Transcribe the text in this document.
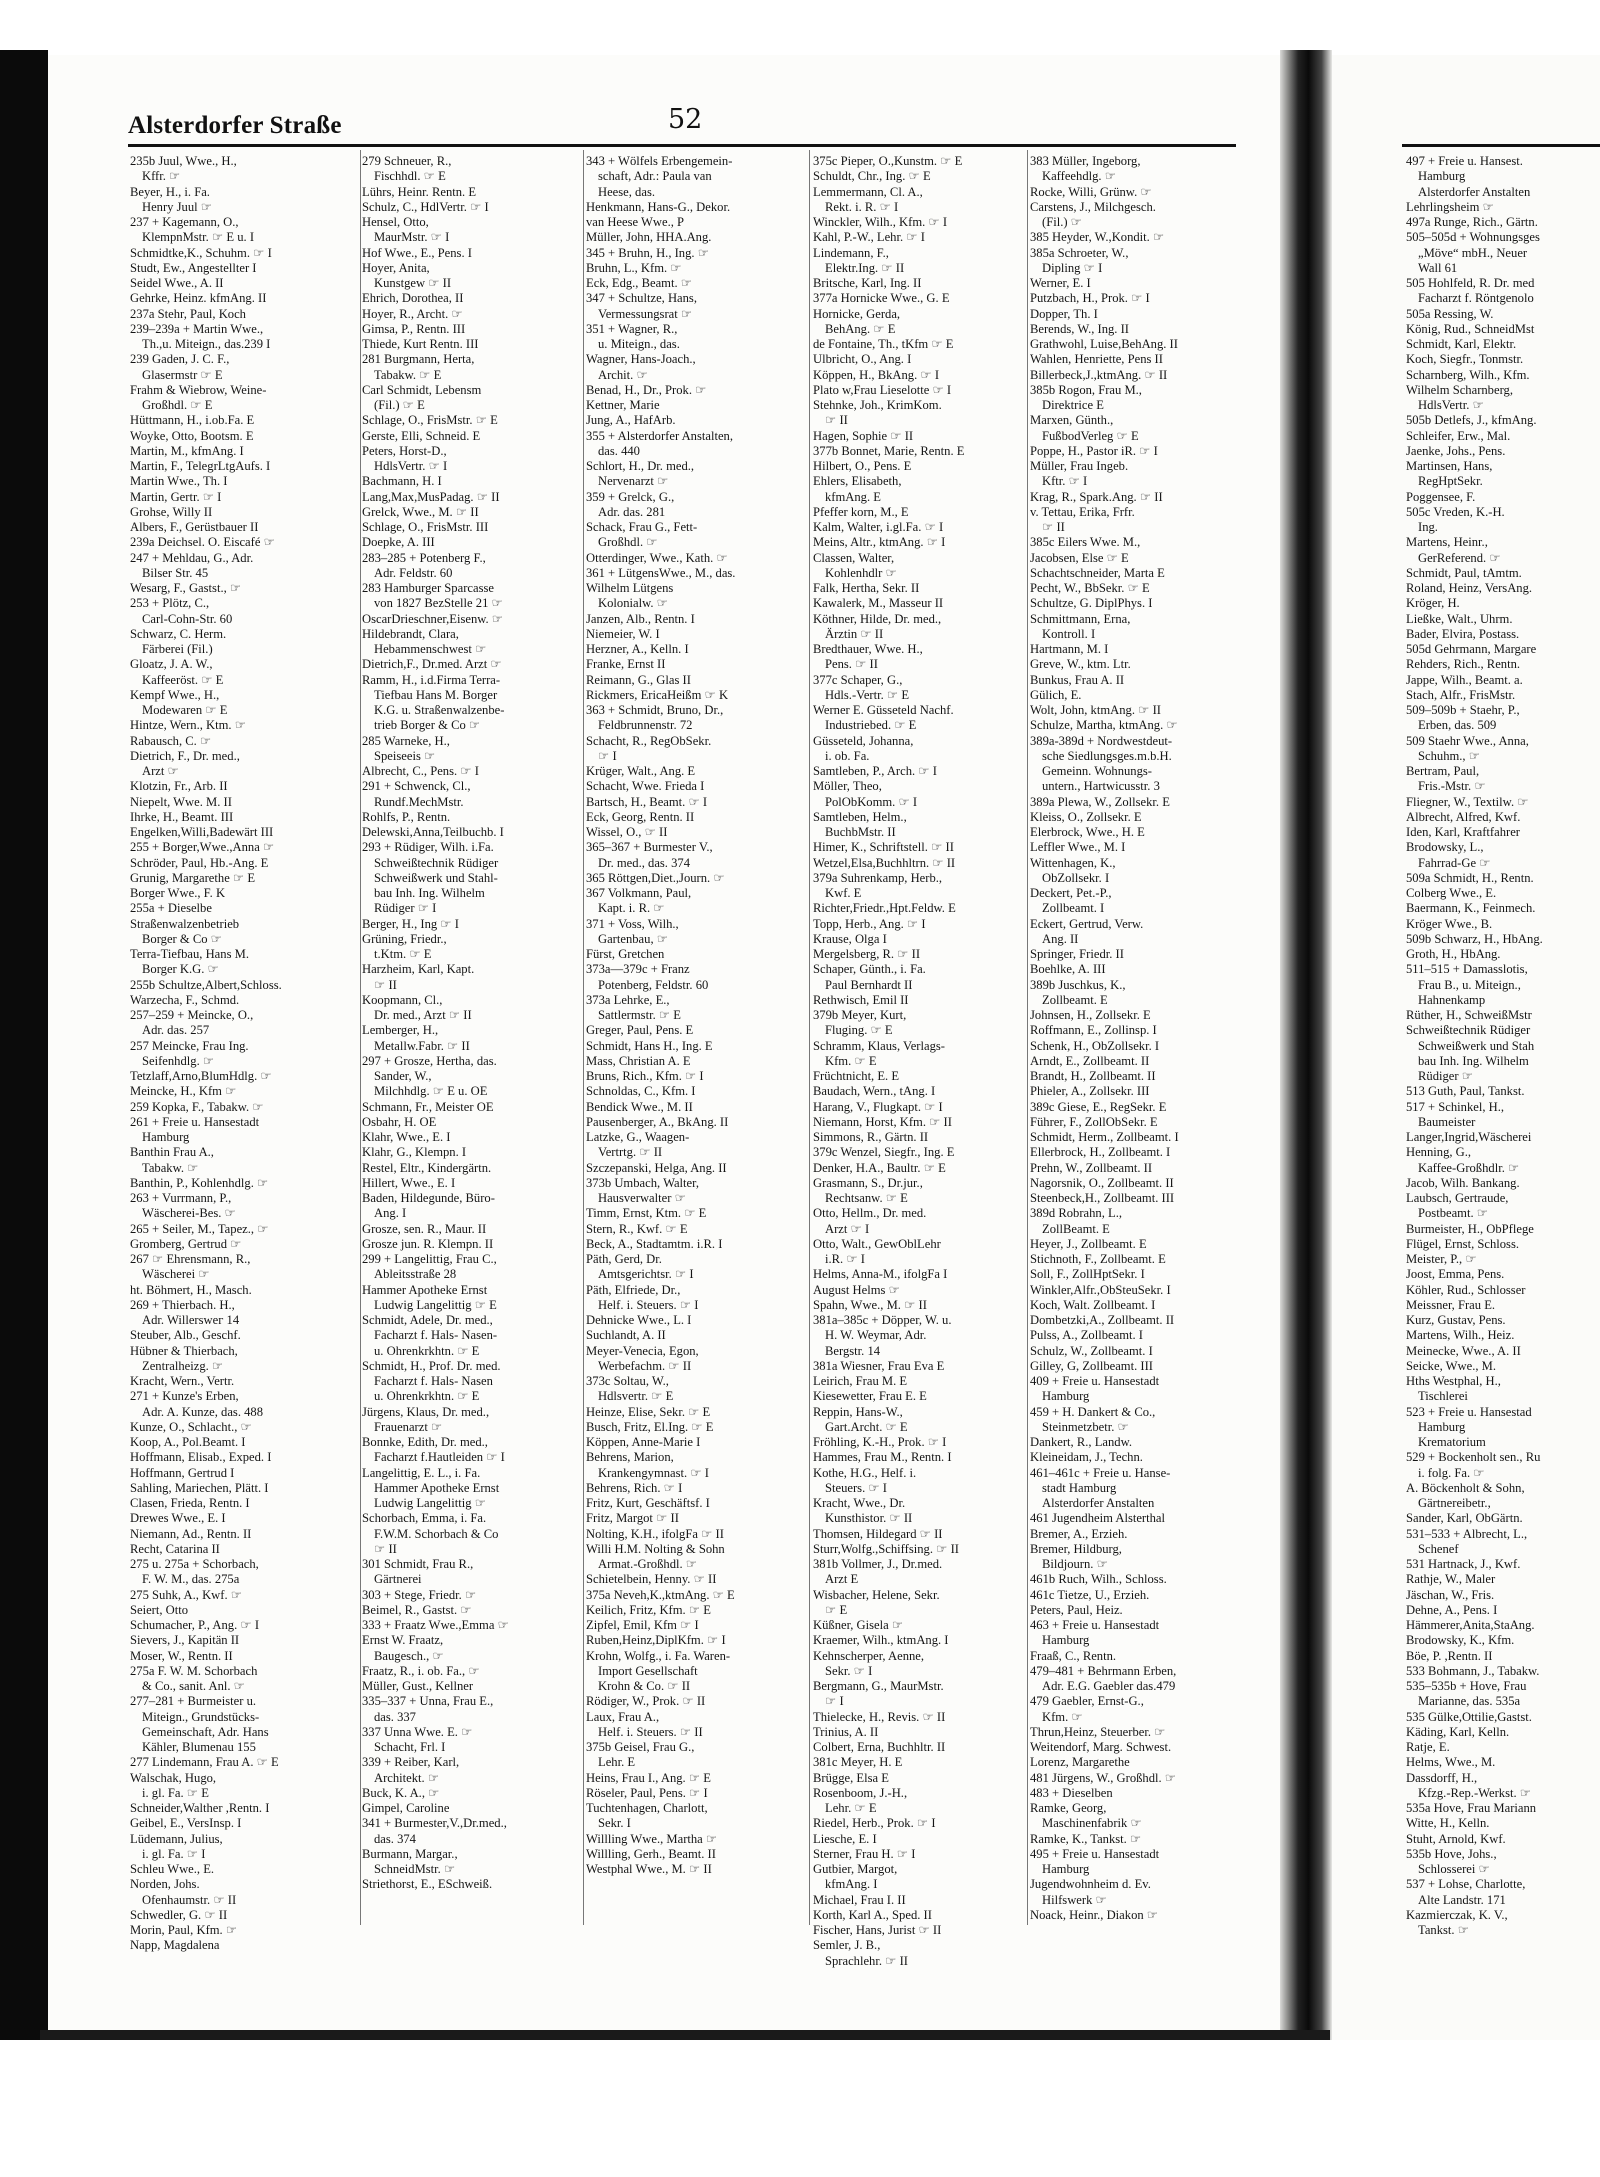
Alsterdorfer Straße	52
235b Juul, Wwe., H.,
Kffr. ☞
Beyer, H., i. Fa.
Henry Juul ☞
237 + Kagemann, O.,
KlempnMstr. ☞ E u. I
Schmidtke,K., Schuhm. ☞ I
Studt, Ew., Angestellter I
Seidel Wwe., A. II
Gehrke, Heinz. kfmAng. II
237a Stehr, Paul, Koch
239–239a + Martin Wwe.,
Th.,u. Miteign., das.239 I
239 Gaden, J. C. F.,
Glasermstr ☞ E
Frahm & Wiebrow, Weine-
Großhdl. ☞ E
Hüttmann, H., i.ob.Fa. E
Woyke, Otto, Bootsm. E
Martin, M., kfmAng. I
Martin, F., TelegrLtgAufs. I
Martin Wwe., Th. I
Martin, Gertr. ☞ I
Grohse, Willy II
Albers, F., Gerüstbauer II
239a Deichsel. O. Eiscafé ☞
247 + Mehldau, G., Adr.
Bilser Str. 45
Wesarg, F., Gastst., ☞
253 + Plötz, C.,
Carl-Cohn-Str. 60
Schwarz, C. Herm.
Färberei (Fil.)
Gloatz, J. A. W.,
Kaffeeröst. ☞ E
Kempf Wwe., H.,
Modewaren ☞ E
Hintze, Wern., Ktm. ☞
Rabausch, C. ☞
Dietrich, F., Dr. med.,
Arzt ☞
Klotzin, Fr., Arb. II
Niepelt, Wwe. M. II
Ihrke, H., Beamt. III
Engelken,Willi,Badewärt III
255 + Borger,Wwe.,Anna ☞
Schröder, Paul, Hb.-Ang. E
Grunig, Margarethe ☞ E
Borger Wwe., F. K
255a + Dieselbe
Straßenwalzenbetrieb
Borger & Co ☞
Terra-Tiefbau, Hans M.
Borger K.G. ☞
255b Schultze,Albert,Schloss.
Warzecha, F., Schmd.
257–259 + Meincke, O.,
Adr. das. 257
257 Meincke, Frau Ing.
Seifenhdlg. ☞
Tetzlaff,Arno,BlumHdlg. ☞
Meincke, H., Kfm ☞
259 Kopka, F., Tabakw. ☞
261 + Freie u. Hansestadt
Hamburg
Banthin Frau A.,
Tabakw. ☞
Banthin, P., Kohlenhdlg. ☞
263 + Vurrmann, P.,
Wäscherei-Bes. ☞
265 + Seiler, M., Tapez., ☞
Gromberg, Gertrud ☞
267 ☞ Ehrensmann, R.,
Wäscherei ☞
ht. Böhmert, H., Masch.
269 + Thierbach. H.,
Adr. Willerswег 14
Steuber, Alb., Geschf.
Hübner & Thierbach,
Zentralheizg. ☞
Kracht, Wern., Vertr.
271 + Kunze's Erben,
Adr. A. Kunze, das. 488
Kunze, O., Schlacht., ☞
Koop, A., Pol.Beamt. I
Hoffmann, Elisab., Exped. I
Hoffmann, Gertrud I
Sahling, Mariechen, Plätt. I
Clasen, Frieda, Rentn. I
Drewes Wwe., E. I
Niemann, Ad., Rentn. II
Recht, Catarina II
275 u. 275a + Schorbach,
F. W. M., das. 275a
275 Suhk, A., Kwf. ☞
Seiert, Otto
Schumacher, P., Ang. ☞ I
Sievers, J., Kapitän II
Moser, W., Rentn. II
275a F. W. M. Schorbach
& Co., sanit. Anl. ☞
277–281 + Burmeister u.
Miteign., Grundstücks-
Gemeinschaft, Adr. Hans
Kähler, Blumenau 155
277 Lindemann, Frau A. ☞ E
Walschak, Hugo,
i. gl. Fa. ☞ E
Schneider,Walther ,Rentn. I
Geibel, E., VersInsp. I
Lüdemann, Julius,
i. gl. Fa. ☞ I
Schleu Wwe., E.
Norden, Johs.
Ofenhaumstr. ☞ II
Schwedler, G. ☞ II
Morin, Paul, Kfm. ☞
Napp, Magdalena
279 Schneuer, R.,
Fischhdl. ☞ E
Lührs, Heinr. Rentn. E
Schulz, C., HdlVertr. ☞ I
Hensel, Otto,
MaurMstr. ☞ I
Hof Wwe., E., Pens. I
Hoyer, Anita,
Kunstgew ☞ II
Ehrich, Dorothea, II
Hoyer, R., Archt. ☞
Gimsa, P., Rentn. III
Thiede, Kurt Rentn. III
281 Burgmann, Herta,
Tabakw. ☞ E
Carl Schmidt, Lebensm
(Fil.) ☞ E
Schlage, O., FrisMstr. ☞ E
Gerste, Elli, Schneid. E
Peters, Horst-D.,
HdlsVertr. ☞ I
Bachmann, H. I
Lang,Max,MusPadag. ☞ II
Grelck, Wwe., M. ☞ II
Schlage, O., FrisMstr. III
Doepke, A. III
283–285 + Potenberg F.,
Adr. Feldstr. 60
283 Hamburger Sparcasse
von 1827 BezStelle 21 ☞
OscarDrieschner,Eisenw. ☞
Hildebrandt, Clara,
Hebammenschwest ☞
Dietrich,F., Dr.med. Arzt ☞
Ramm, H., i.d.Firma Terra-
Tiefbau Hans M. Borger
K.G. u. Straßenwalzenbe-
trieb Borger & Co ☞
285 Warneke, H.,
Speiseeis ☞
Albrecht, C., Pens. ☞ I
291 + Schwenck, Cl.,
Rundf.MechMstr.
Rohlfs, P., Rentn.
Delewski,Anna,Teilbuchb. I
293 + Rüdiger, Wilh. i.Fa.
Schweißtechnik Rüdiger
Schweißwerk und Stahl-
bau Inh. Ing. Wilhelm
Rüdiger ☞ I
Berger, H., Ing ☞ I
Grüning, Friedr.,
t.Ktm. ☞ E
Harzheim, Karl, Kapt.
☞ II
Koopmann, Cl.,
Dr. med., Arzt ☞ II
Lemberger, H.,
Metallw.Fabr. ☞ II
297 + Grosze, Hertha, das.
Sander, W.,
Milchhdlg. ☞ E u. OE
Schmann, Fr., Meister OE
Osbahr, H. OE
Klahr, Wwe., E. I
Klahr, G., Klempn. I
Restel, Eltr., Kindergärtn.
Hillert, Wwe., E. I
Baden, Hildegunde, Büro-
Ang. I
Grosze, sen. R., Maur. II
Grosze jun. R. Klempn. II
299 + Langelittig, Frau C.,
Ableitsstraße 28
Hammer Apotheke Ernst
Ludwig Langelittig ☞ E
Schmidt, Adele, Dr. med.,
Facharzt f. Hals- Nasen-
u. Ohrenkrkhtn. ☞ E
Schmidt, H., Prof. Dr. med.
Facharzt f. Hals- Nasen
u. Ohrenkrkhtn. ☞ E
Jürgens, Klaus, Dr. med.,
Frauenarzt ☞
Bonnke, Edith, Dr. med.,
Facharzt f.Hautleiden ☞ I
Langelittig, E. L., i. Fa.
Hammer Apotheke Ernst
Ludwig Langelittig ☞
Schorbach, Emma, i. Fa.
F.W.M. Schorbach & Co
☞ II
301 Schmidt, Frau R.,
Gärtnerei
303 + Stege, Friedr. ☞
Beimel, R., Gastst. ☞
333 + Fraatz Wwe.,Emma ☞
Ernst W. Fraatz,
Baugesch., ☞
Fraatz, R., i. ob. Fa., ☞
Müller, Gust., Kellner
335–337 + Unna, Frau E.,
das. 337
337 Unna Wwe. E. ☞
Schacht, Frl. I
339 + Reiber, Karl,
Architekt. ☞
Buck, K. A., ☞
Gimpel, Caroline
341 + Burmester,V.,Dr.med.,
das. 374
Burmann, Margar.,
SchneidMstr. ☞
Striethorst, E., ESchweiß.
343 + Wölfels Erbengemein-
schaft, Adr.: Paula van
Heese, das.
Henkmann, Hans-G., Dekor.
van Heese Wwe., P
Müller, John, HHA.Ang.
345 + Bruhn, H., Ing. ☞
Bruhn, L., Kfm. ☞
Eck, Edg., Beamt. ☞
347 + Schultze, Hans,
Vermessungsrat ☞
351 + Wagner, R.,
u. Miteign., das.
Wagner, Hans-Joach.,
Archit. ☞
Benad, H., Dr., Prok. ☞
Kettner, Marie
Jung, A., HafArb.
355 + Alsterdorfer Anstalten,
das. 440
Schlort, H., Dr. med.,
Nervenarzt ☞
359 + Grelck, G.,
Adr. das. 281
Schack, Frau G., Fett-
Großhdl. ☞
Otterdinger, Wwe., Kath. ☞
361 + LütgensWwe., M., das.
Wilhelm Lütgens
Kolonialw. ☞
Janzen, Alb., Rentn. I
Niemeier, W. I
Herzner, A., Kelln. I
Franke, Ernst II
Reimann, G., Glas II
Rickmers, EricaHeißm ☞ K
363 + Schmidt, Bruno, Dr.,
Feldbrunnenstr. 72
Schacht, R., RegObSekr.
☞ I
Krüger, Walt., Ang. E
Schacht, Wwe. Frieda I
Bartsch, H., Beamt. ☞ I
Eck, Georg, Rentn. II
Wissel, O., ☞ II
365–367 + Burmester V.,
Dr. med., das. 374
365 Röttgen,Diet.,Journ. ☞
367 Volkmann, Paul,
Kapt. i. R. ☞
371 + Voss, Wilh.,
Gartenbau, ☞
Fürst, Gretchen
373a—379c + Franz
Potenberg, Feldstr. 60
373a Lehrke, E.,
Sattlermstr. ☞ E
Greger, Paul, Pens. E
Schmidt, Hans H., Ing. E
Mass, Christian A. E
Bruns, Rich., Kfm. ☞ I
Schnoldas, C., Kfm. I
Bendick Wwe., M. II
Pausenberger, A., BkAng. II
Latzke, G., Waagen-
Vertrtg. ☞ II
Szczepanski, Helga, Ang. II
373b Umbach, Walter,
Hausverwalter ☞
Timm, Ernst, Ktm. ☞ E
Stern, R., Kwf. ☞ E
Beck, A., Stadtamtm. i.R. I
Päth, Gerd, Dr.
Amtsgerichtsr. ☞ I
Päth, Elfriede, Dr.,
Helf. i. Steuers. ☞ I
Dehnicke Wwe., L. I
Suchlandt, A. II
Meyer-Venecia, Egon,
Werbefachm. ☞ II
373c Soltau, W.,
Hdlsvertr. ☞ E
Heinze, Elise, Sekr. ☞ E
Busch, Fritz, El.Ing. ☞ E
Köppen, Anne-Marie I
Behrens, Marion,
Krankengymnast. ☞ I
Behrens, Rich. ☞ I
Fritz, Kurt, Geschäftsf. I
Fritz, Margot ☞ II
Nolting, K.H., ifolgFa ☞ II
Willi H.M. Nolting & Sohn
Armat.-Großhdl. ☞
Schietelbein, Henny. ☞ II
375a Neveh,K.,ktmAng. ☞ E
Keilich, Fritz, Kfm. ☞ E
Zipfel, Emil, Kfm ☞ I
Ruben,Heinz,DiplKfm. ☞ I
Krohn, Wolfg., i. Fa. Waren-
Import Gesellschaft
Krohn & Co. ☞ II
Rödiger, W., Prok. ☞ II
Laux, Frau A.,
Helf. i. Steuers. ☞ II
375b Geisel, Frau G.,
Lehr. E
Heins, Frau I., Ang. ☞ E
Röseler, Paul, Pens. ☞ I
Tuchtenhagen, Charlott,
Sekr. I
Willling Wwe., Martha ☞
Willling, Gerh., Beamt. II
Westphal Wwe., M. ☞ II
375c Pieper, O.,Kunstm. ☞ E
Schuldt, Chr., Ing. ☞ E
Lemmermann, Cl. A.,
Rekt. i. R. ☞ I
Winckler, Wilh., Kfm. ☞ I
Kahl, P.-W., Lehr. ☞ I
Lindemann, F.,
Elektr.Ing. ☞ II
Britsche, Karl, Ing. II
377a Hornicke Wwe., G. E
Hornicke, Gerda,
BehAng. ☞ E
de Fontaine, Th., tKfm ☞ E
Ulbricht, O., Ang. I
Köppen, H., BkAng. ☞ I
Plato w,Frau Lieselotte ☞ I
Stehnke, Joh., KrimKom.
☞ II
Hagen, Sophie ☞ II
377b Bonnet, Marie, Rentn. E
Hilbert, O., Pens. E
Ehlers, Elisabeth,
kfmAng. E
Pfeffer korn, M., E
Kalm, Walter, i.gl.Fa. ☞ I
Meins, Altr., ktmAng. ☞ I
Classen, Walter,
Kohlenhdlr ☞
Falk, Hertha, Sekr. II
Kawalerk, M., Masseur II
Köthner, Hilde, Dr. med.,
Ärztin ☞ II
Bredthauer, Wwe. H.,
Pens. ☞ II
377c Schaper, G.,
Hdls.-Vertr. ☞ E
Werner E. Güsseteld Nachf.
Industriebed. ☞ E
Güsseteld, Johanna,
i. ob. Fa.
Samtleben, P., Arch. ☞ I
Möller, Theo,
PolObKomm. ☞ I
Samtleben, Helm.,
BuchbMstr. II
Himer, K., Schriftstell. ☞ II
Wetzel,Elsa,Buchhltrn. ☞ II
379a Suhrenkamp, Herb.,
Kwf. E
Richter,Friedr.,Hpt.Feldw. E
Topp, Herb., Ang. ☞ I
Krause, Olga I
Mergelsberg, R. ☞ II
Schaper, Günth., i. Fa.
Paul Bernhardt II
Rethwisch, Emil II
379b Meyer, Kurt,
Fluging. ☞ E
Schramm, Klaus, Verlags-
Kfm. ☞ E
Früchtnicht, E. E
Baudach, Wern., tAng. I
Harang, V., Flugkapt. ☞ I
Niemann, Horst, Kfm. ☞ II
Simmons, R., Gärtn. II
379c Wenzel, Siegfr., Ing. E
Denker, H.A., Baultr. ☞ E
Grasmann, S., Dr.jur.,
Rechtsanw. ☞ E
Otto, Hellm., Dr. med.
Arzt ☞ I
Otto, Walt., GewOblLehr
i.R. ☞ I
Helms, Anna-M., ifolgFa I
August Helms ☞
Spahn, Wwe., M. ☞ II
381a–385c + Döpper, W. u.
H. W. Weymar, Adr.
Bergstr. 14
381a Wiesner, Frau Eva E
Leirich, Frau M. E
Kiesewetter, Frau E. E
Reppin, Hans-W.,
Gart.Archt. ☞ E
Fröhling, K.-H., Prok. ☞ I
Hammes, Frau M., Rentn. I
Kothe, H.G., Helf. i.
Steuers. ☞ I
Kracht, Wwe., Dr.
Kunsthistor. ☞ II
Thomsen, Hildegard ☞ II
Sturr,Wolfg.,Schiffsing. ☞ II
381b Vollmer, J., Dr.med.
Arzt E
Wisbacher, Helene, Sekr.
☞ E
Küßner, Gisela ☞
Kraemer, Wilh., ktmAng. I
Kehnscherper, Aenne,
Sekr. ☞ I
Bergmann, G., MaurMstr.
☞ I
Thielecke, H., Revis. ☞ II
Trinius, A. II
Colbert, Erna, Buchhltr. II
381c Meyer, H. E
Brügge, Elsa E
Rosenboom, J.-H.,
Lehr. ☞ E
Riedel, Herb., Prok. ☞ I
Liesche, E. I
Sterner, Frau H. ☞ I
Gutbier, Margot,
kfmAng. I
Michael, Frau I. II
Korth, Karl A., Sped. II
Fischer, Hans, Jurist ☞ II
Semler, J. B.,
Sprachlehr. ☞ II
383 Müller, Ingeborg,
Kaffeehdlg. ☞
Rocke, Willi, Grünw. ☞
Carstens, J., Milchgesch.
(Fil.) ☞
385 Heyder, W.,Kondit. ☞
385a Schroeter, W.,
Dipling ☞ I
Werner, E. I
Putzbach, H., Prok. ☞ I
Dopper, Th. I
Berends, W., Ing. II
Grathwohl, Luise,BehAng. II
Wahlen, Henriette, Pens II
Billerbeck,J.,ktmAng. ☞ II
385b Rogon, Frau M.,
Direktrice E
Marxen, Günth.,
FußbodVerleg ☞ E
Poppe, H., Pastor iR. ☞ I
Müller, Frau Ingeb.
Kftr. ☞ I
Krag, R., Spark.Ang. ☞ II
v. Tettau, Erika, Frfr.
☞ II
385c Eilers Wwe. M.,
Jacobsen, Else ☞ E
Schachtschneider, Marta E
Pecht, W., BbSekr. ☞ E
Schultze, G. DiplPhys. I
Schmittmann, Erna,
Kontroll. I
Hartmann, M. I
Greve, W., ktm. Ltr.
Bunkus, Frau A. II
Gülich, E.
Wolt, John, ktmAng. ☞ II
Schulze, Martha, ktmAng. ☞
389a-389d + Nordwestdeut-
sche Siedlungsges.m.b.H.
Gemeinn. Wohnungs-
untern., Hartwicusstr. 3
389a Plewa, W., Zollsekr. E
Kleiss, O., Zollsekr. E
Elerbrock, Wwe., H. E
Leffler Wwe., M. I
Wittenhagen, K.,
ObZollsekr. I
Deckert, Pet.-P.,
Zollbeamt. I
Eckert, Gertrud, Verw.
Ang. II
Springer, Friedr. II
Boehlke, A. III
389b Juschkus, K.,
Zollbeamt. E
Johnsen, H., Zollsekr. E
Roffmann, E., Zollinsp. I
Schenk, H., ObZollsekr. I
Arndt, E., Zollbeamt. II
Brandt, H., Zollbeamt. II
Phieler, A., Zollsekr. III
389c Giese, E., RegSekr. E
Führer, F., ZollObSekr. E
Schmidt, Herm., Zollbeamt. I
Ellerbrock, H., Zollbeamt. I
Prehn, W., Zollbeamt. II
Nagorsnik, O., Zollbeamt. II
Steenbeck,H., Zollbeamt. III
389d Robrahn, L.,
ZollBeamt. E
Heyer, J., Zollbeamt. E
Stichnoth, F., Zollbeamt. E
Soll, F., ZollHptSekr. I
Winkler,Alfr.,ObSteuSekr. I
Koch, Walt. Zollbeamt. I
Dombetzki,A., Zollbeamt. II
Pulss, A., Zollbeamt. I
Schulz, W., Zollbeamt. I
Gilley, G, Zollbeamt. III
409 + Freie u. Hansestadt
Hamburg
459 + H. Dankert & Co.,
Steinmetzbetr. ☞
Dankert, R., Landw.
Kleineidam, J., Techn.
461–461c + Freie u. Hanse-
stadt Hamburg
Alsterdorfer Anstalten
461 Jugendheim Alsterthal
Bremer, A., Erzieh.
Bremer, Hildburg,
Bildjourn. ☞
461b Ruch, Wilh., Schloss.
461c Tietze, U., Erzieh.
Peters, Paul, Heiz.
463 + Freie u. Hansestadt
Hamburg
Fraaß, C., Rentn.
479–481 + Behrmann Erben,
Adr. E.G. Gaebler das.479
479 Gaebler, Ernst-G.,
Kfm. ☞
Thrun,Heinz, Steuerber. ☞
Weitendorf, Marg. Schwest.
Lorenz, Margarethe
481 Jürgens, W., Großhdl. ☞
483 + Dieselben
Ramke, Georg,
Maschinenfabrik ☞
Ramke, K., Tankst. ☞
495 + Freie u. Hansestadt
Hamburg
Jugendwohnheim d. Ev.
Hilfswerk ☞
Noack, Heinr., Diakon ☞
497 + Freie u. Hansest.
Hamburg
Alsterdorfer Anstalten
Lehrlingsheim ☞
497a Runge, Rich., Gärtn.
505–505d + Wohnungsges
„Möve“ mbH., Neuer
Wall 61
505 Hohlfeld, R. Dr. med
Facharzt f. Röntgenolo
505a Ressing, W.
König, Rud., SchneidMst
Schmidt, Karl, Elektr.
Koch, Siegfr., Tonmstr.
Scharnberg, Wilh., Kfm.
Wilhelm Scharnberg,
HdlsVertr. ☞
505b Detlefs, J., kfmAng.
Schleifer, Erw., Mal.
Jaenke, Johs., Pens.
Martinsen, Hans,
RegHptSekr.
Poggensee, F.
505c Vreden, K.-H.
Ing.
Martens, Heinr.,
GerReferend. ☞
Schmidt, Paul, tAmtm.
Roland, Heinz, VersAng.
Kröger, H.
Ließke, Walt., Uhrm.
Bader, Elvira, Postass.
505d Gehrmann, Margare
Rehders, Rich., Rentn.
Jappe, Wilh., Beamt. a.
Stach, Alfr., FrisMstr.
509–509b + Staehr, P.,
Erben, das. 509
509 Staehr Wwe., Anna,
Schuhm., ☞
Bertram, Paul,
Fris.-Mstr. ☞
Fliegner, W., Textilw. ☞
Albrecht, Alfred, Kwf.
Iden, Karl, Kraftfahrer
Brodowsky, L.,
Fahrrad-Ge ☞
509a Schmidt, H., Rentn.
Colberg Wwe., E.
Baermann, K., Feinmech.
Kröger Wwe., B.
509b Schwarz, H., HbAng.
Groth, H., HbAng.
511–515 + Damasslotis,
Frau B., u. Miteign.,
Hahnenkamp
Rüther, H., SchweißMstr
Schweißtechnik Rüdiger
Schweißwerk und Stah
bau Inh. Ing. Wilhelm
Rüdiger ☞
513 Guth, Paul, Tankst.
517 + Schinkel, H.,
Baumeister
Langer,Ingrid,Wäscherei
Henning, G.,
Kaffee-Großhdlr. ☞
Jacob, Wilh. Bankang.
Laubsch, Gertraude,
Postbeamt. ☞
Burmeister, H., ObPflege
Flügel, Ernst, Schloss.
Meister, P., ☞
Joost, Emma, Pens.
Köhler, Rud., Schlosser
Meissner, Frau E.
Kurz, Gustav, Pens.
Martens, Wilh., Heiz.
Meinecke, Wwe., A. II
Seicke, Wwe., M.
Hths Westphal, H.,
Tischlerei
523 + Freie u. Hansestad
Hamburg
Krematorium
529 + Bockenholt sen., Ru
i. folg. Fa. ☞
A. Böckenholt & Sohn,
Gärtnereibetr.,
Sander, Karl, ObGärtn.
531–533 + Albrecht, L.,
Schenef
531 Hartnack, J., Kwf.
Rathje, W., Maler
Jäschan, W., Fris.
Dehne, A., Pens. I
Hämmerer,Anita,StaAng.
Brodowsky, K., Kfm.
Böe, P. ,Rentn. II
533 Bohmann, J., Tabakw.
535–535b + Hove, Frau
Marianne, das. 535a
535 Gülke,Ottilie,Gastst.
Käding, Karl, Kelln.
Ratje, E.
Helms, Wwe., M.
Dassdorff, H.,
Kfzg.-Rep.-Werkst. ☞
535a Hove, Frau Mariann
Witte, H., Kelln.
Stuht, Arnold, Kwf.
535b Hove, Johs.,
Schlosserei ☞
537 + Lohse, Charlotte,
Alte Landstr. 171
Kazmierczak, K. V.,
Tankst. ☞
